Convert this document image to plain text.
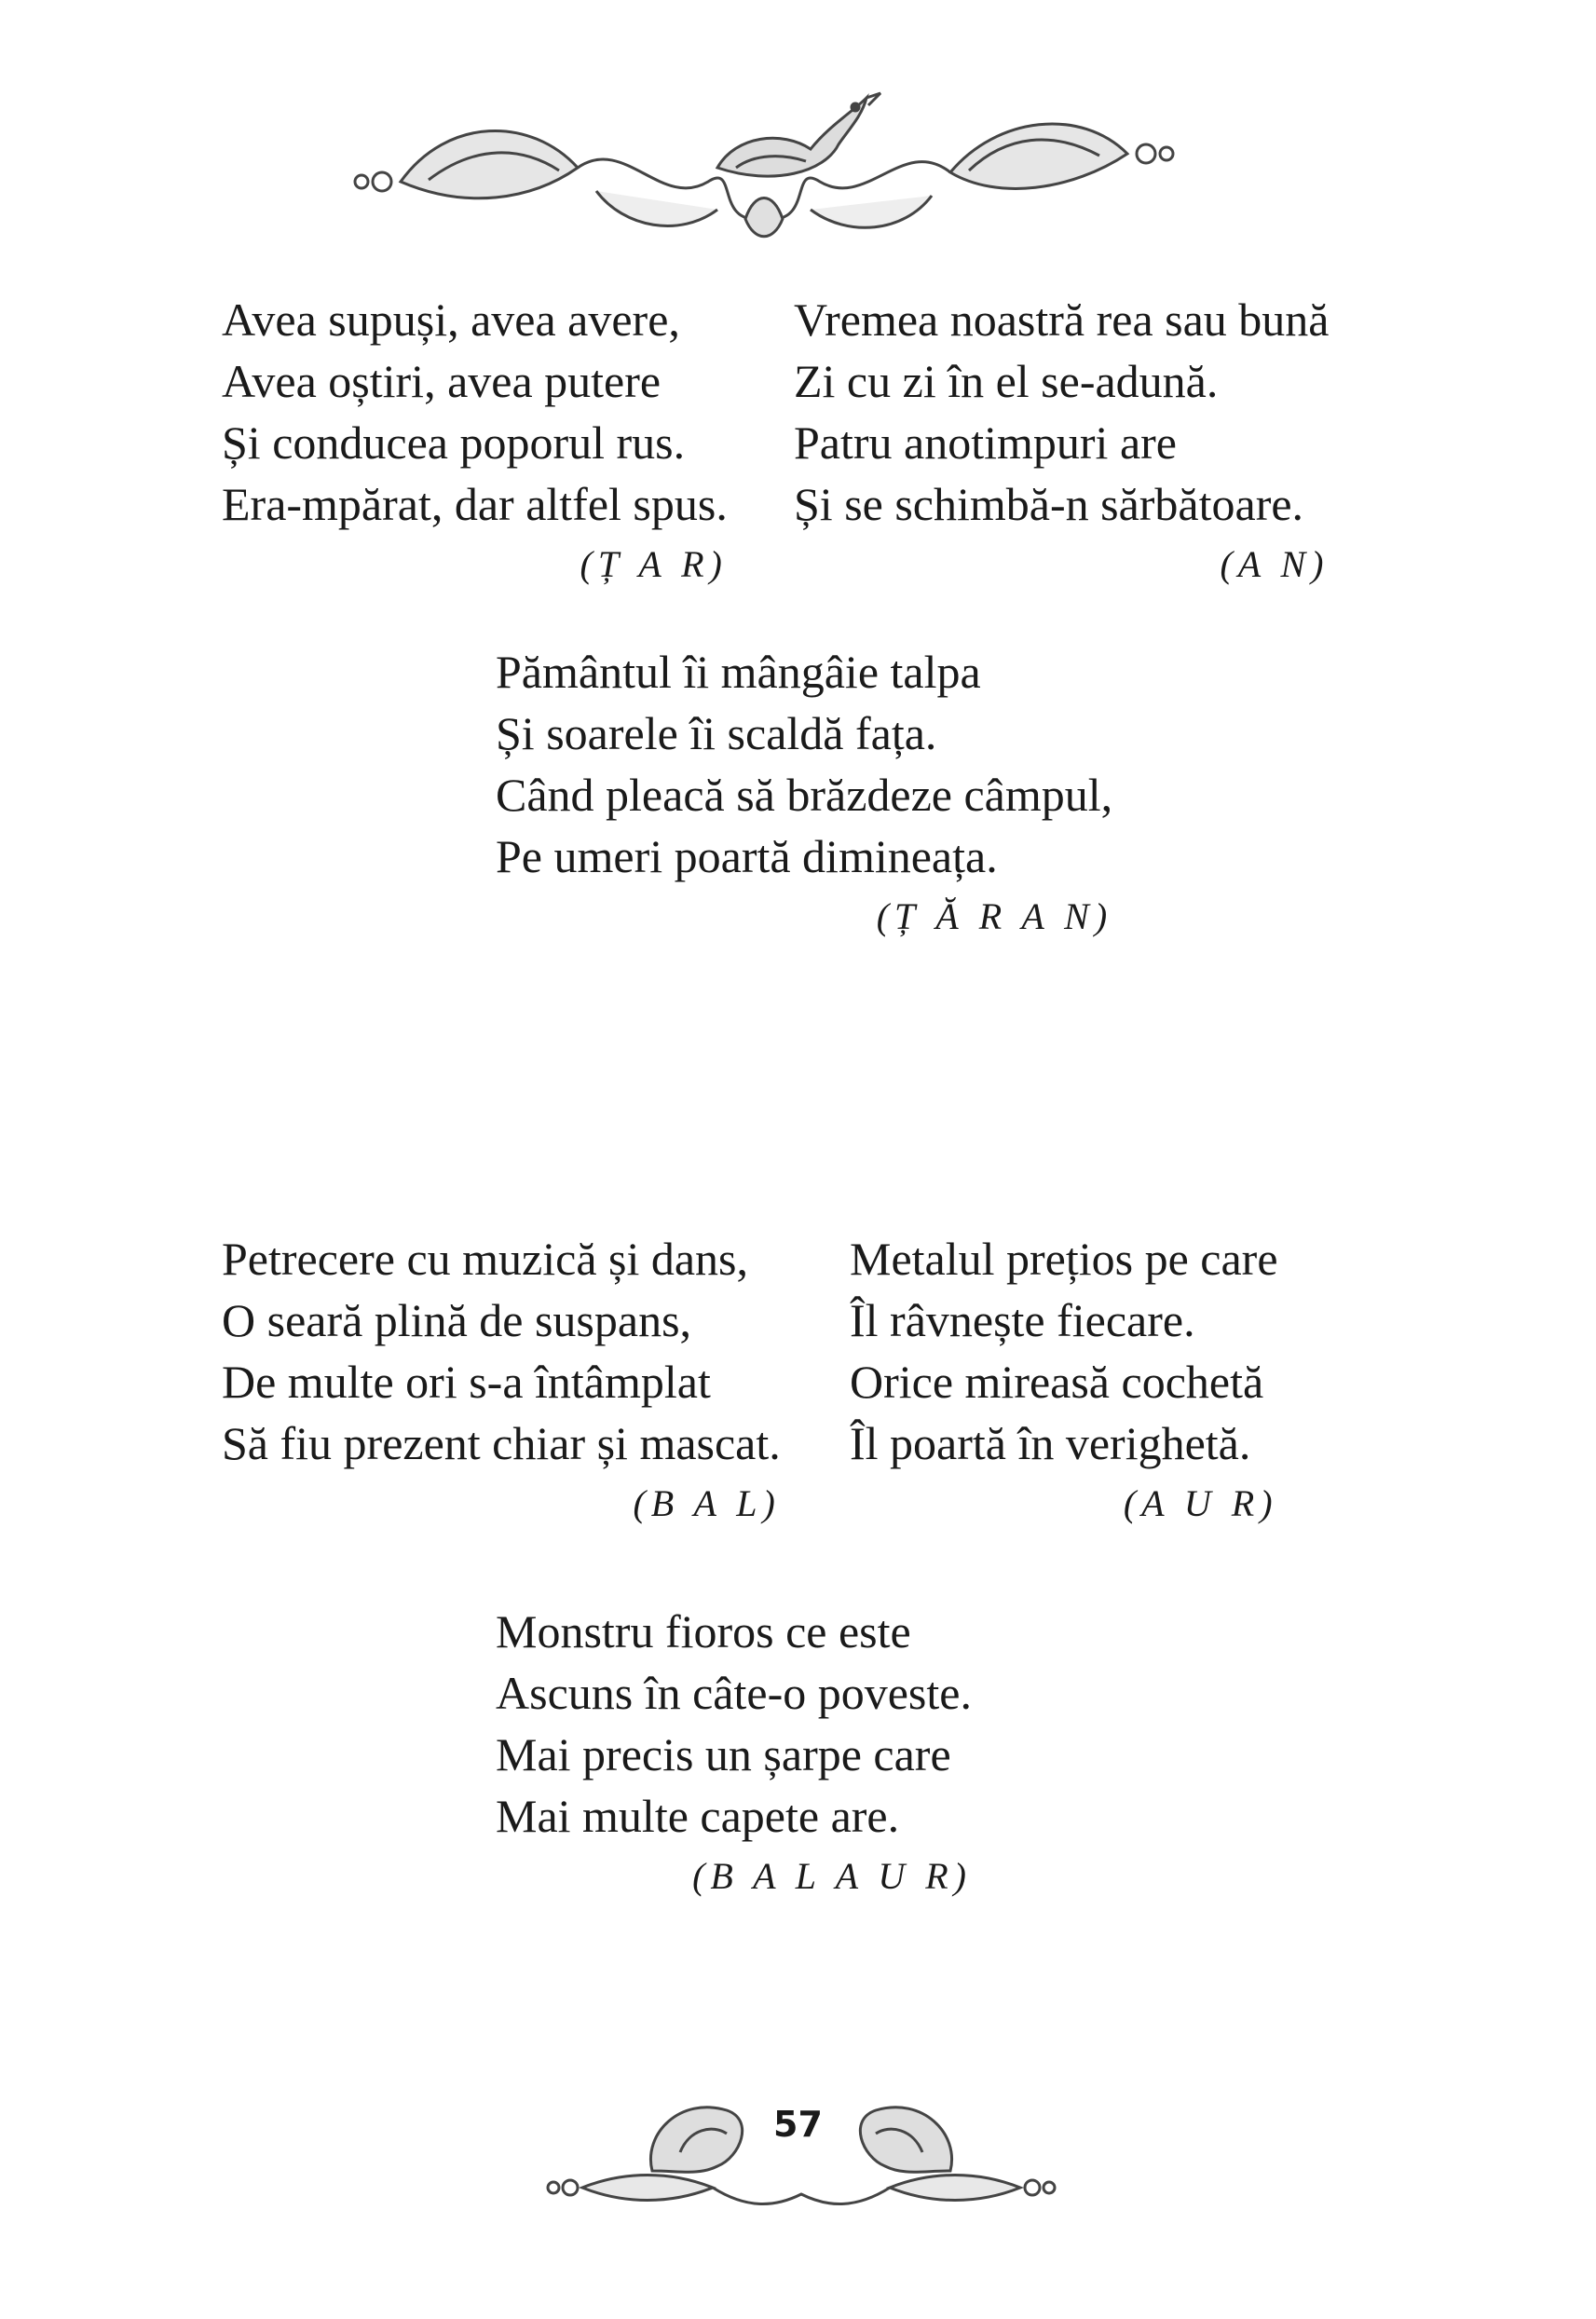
Avea supuși, avea avere,
Avea oștiri, avea putere
Și conducea poporul rus.
Era-mpărat, dar altfel spus.
(Ț A R)
Vremea noastră rea sau bună
Zi cu zi în el se-adună.
Patru anotimpuri are
Și se schimbă-n sărbătoare.
(A N)
Pământul îi mângâie talpa
Și soarele îi scaldă fața.
Când pleacă să brăzdeze câmpul,
Pe umeri poartă dimineața.
(Ț Ă R A N)
Petrecere cu muzică și dans,
O seară plină de suspans,
De multe ori s-a întâmplat
Să fiu prezent chiar și mascat.
(B A L)
Metalul prețios pe care
Îl râvnește fiecare.
Orice mireasă cochetă
Îl poartă în verighetă.
(A U R)
Monstru fioros ce este
Ascuns în câte-o poveste.
Mai precis un șarpe care
Mai multe capete are.
(B A L A U R)
57
